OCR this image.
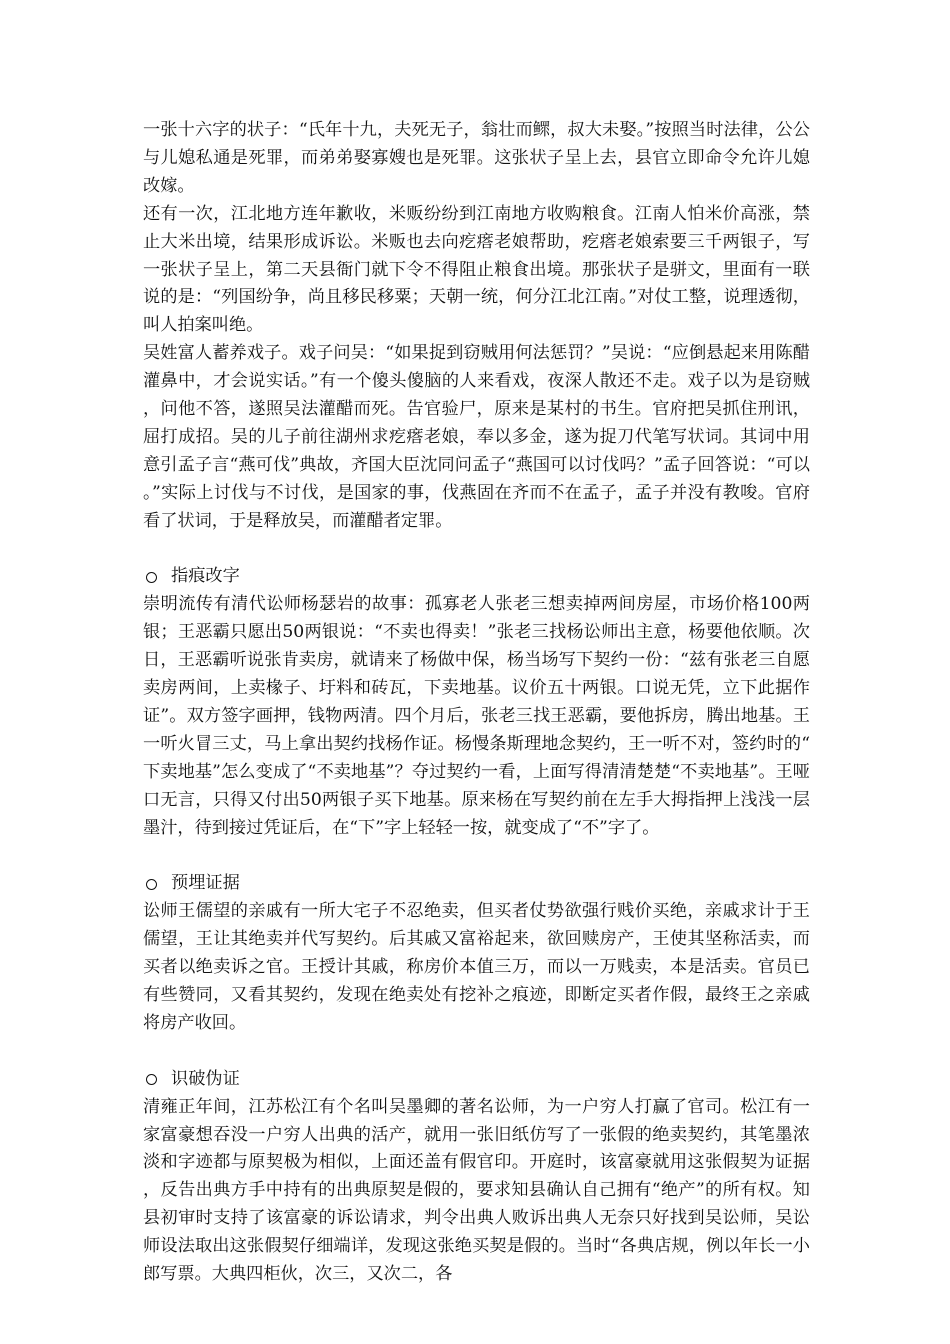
一张十六字的状子：“氏年十九，夫死无子，翁壮而鳏，叔大未娶。”按照当时法律，公公与儿媳私通是死罪，而弟弟娶寡嫂也是死罪。这张状子呈上去，县官立即命令允许儿媳改嫁。

还有一次，江北地方连年歉收，米贩纷纷到江南地方收购粮食。江南人怕米价高涨，禁止大米出境，结果形成诉讼。米贩也去向疙瘩老娘帮助，疙瘩老娘索要三千两银子，写一张状子呈上，第二天县衙门就下令不得阻止粮食出境。那张状子是骈文，里面有一联说的是：“列国纷争，尚且移民移粟；天朝一统，何分江北江南。”对仗工整，说理透彻，叫人拍案叫绝。

吴姓富人蓄养戏子。戏子问吴：“如果捉到窃贼用何法惩罚？”吴说：“应倒悬起来用陈醋灌鼻中，才会说实话。”有一个傻头傻脑的人来看戏，夜深人散还不走。戏子以为是窃贼，问他不答，遂照吴法灌醋而死。告官验尸，原来是某村的书生。官府把吴抓住刑讯，屈打成招。吴的儿子前往湖州求疙瘩老娘，奉以多金，遂为捉刀代笔写状词。其词中用意引孟子言“燕可伐”典故，齐国大臣沈同问孟子“燕国可以讨伐吗？”孟子回答说：“可以。”实际上讨伐与不讨伐，是国家的事，伐燕固在齐而不在孟子，孟子并没有教唆。官府看了状词，于是释放吴，而灌醋者定罪。

指痕改字

崇明流传有清代讼师杨瑟岩的故事：孤寡老人张老三想卖掉两间房屋，市场价格100两银；王恶霸只愿出50两银说：“不卖也得卖！”张老三找杨讼师出主意，杨要他依顺。次日，王恶霸听说张肯卖房，就请来了杨做中保，杨当场写下契约一份：“兹有张老三自愿卖房两间，上卖椽子、圩料和砖瓦，下卖地基。议价五十两银。口说无凭，立下此据作证”。双方签字画押，钱物两清。四个月后，张老三找王恶霸，要他拆房，腾出地基。王一听火冒三丈，马上拿出契约找杨作证。杨慢条斯理地念契约，王一听不对，签约时的“下卖地基”怎么变成了“不卖地基”？夺过契约一看，上面写得清清楚楚“不卖地基”。王哑口无言，只得又付出50两银子买下地基。原来杨在写契约前在左手大拇指押上浅浅一层墨汁，待到接过凭证后，在“下”字上轻轻一按，就变成了“不”字了。

预埋证据

讼师王儒望的亲戚有一所大宅子不忍绝卖，但买者仗势欲强行贱价买绝，亲戚求计于王儒望，王让其绝卖并代写契约。后其戚又富裕起来，欲回赎房产，王使其坚称活卖，而买者以绝卖诉之官。王授计其戚，称房价本值三万，而以一万贱卖，本是活卖。官员已有些赞同，又看其契约，发现在绝卖处有挖补之痕迹，即断定买者作假，最终王之亲戚将房产收回。

识破伪证

清雍正年间，江苏松江有个名叫吴墨卿的著名讼师，为一户穷人打赢了官司。松江有一家富豪想吞没一户穷人出典的活产，就用一张旧纸仿写了一张假的绝卖契约，其笔墨浓淡和字迹都与原契极为相似，上面还盖有假官印。开庭时，该富豪就用这张假契为证据，反告出典方手中持有的出典原契是假的，要求知县确认自己拥有“绝产”的所有权。知县初审时支持了该富豪的诉讼请求，判令出典人败诉出典人无奈只好找到吴讼师，吴讼师设法取出这张假契仔细端详，发现这张绝买契是假的。当时“各典店规，例以年长一小郎写票。大典四柜伙，次三，又次二，各
